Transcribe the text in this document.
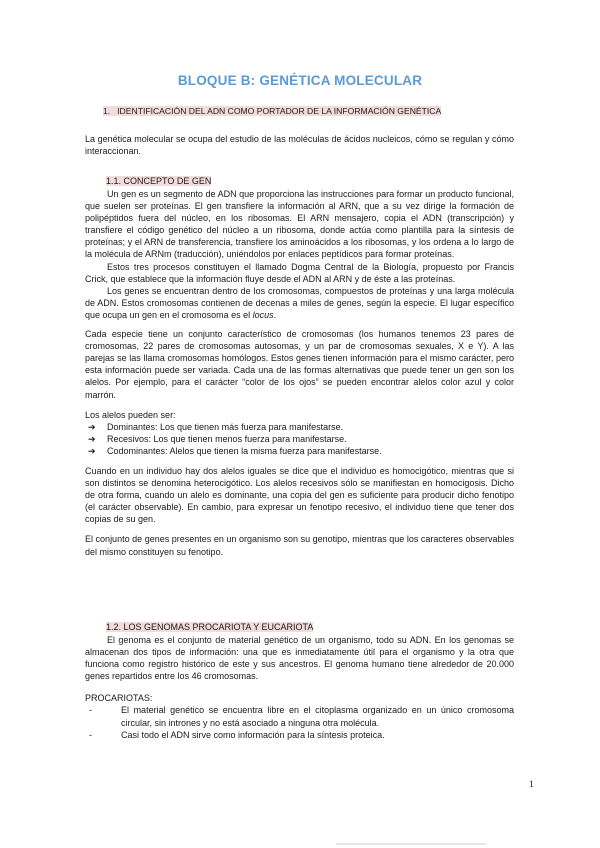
BLOQUE B: GENÉTICA MOLECULAR
1. IDENTIFICACIÓN DEL ADN COMO PORTADOR DE LA INFORMACIÓN GENÉTICA

La genética molecular se ocupa del estudio de las moléculas de ácidos nucleicos, cómo se regulan y cómo interaccionan.

1.1. CONCEPTO DE GEN

Un gen es un segmento de ADN que proporciona las instrucciones para formar un producto funcional, que suelen ser proteínas. El gen transfiere la información al ARN, que a su vez dirige la formación de polipéptidos fuera del núcleo, en los ribosomas. El ARN mensajero, copia el ADN (transcripción) y transfiere el código genético del núcleo a un ribosoma, donde actúa como plantilla para la síntesis de proteínas; y el ARN de transferencia, transfiere los aminoácidos a los ribosomas, y los ordena a lo largo de la molécula de ARNm (traducción), uniéndolos por enlaces peptídicos para formar proteínas.

Estos tres procesos constituyen el llamado Dogma Central de la Biología, propuesto por Francis Crick, que establece que la información fluye desde el ADN al ARN y de éste a las proteínas.

Los genes se encuentran dentro de los cromosomas, compuestos de proteínas y una larga molécula de ADN. Estos cromosomas contienen de decenas a miles de genes, según la especie. El lugar específico que ocupa un gen en el cromosoma es el locus.

Cada especie tiene un conjunto característico de cromosomas (los humanos tenemos 23 pares de cromosomas, 22 pares de cromosomas autosomas, y un par de cromosomas sexuales, X e Y). A las parejas se las llama cromosomas homólogos. Estos genes tienen información para el mismo carácter, pero esta información puede ser variada. Cada una de las formas alternativas que puede tener un gen son los alelos. Por ejemplo, para el carácter “color de los ojos” se pueden encontrar alelos color azul y color marrón.

Los alelos pueden ser:

➔ Dominantes: Los que tienen más fuerza para manifestarse.
➔ Recesivos: Los que tienen menos fuerza para manifestarse.
➔ Codominantes: Alelos que tienen la misma fuerza para manifestarse.

Cuando en un individuo hay dos alelos iguales se dice que el individuo es homocigótico, mientras que si son distintos se denomina heterocigótico. Los alelos recesivos sólo se manifiestan en homocigosis. Dicho de otra forma, cuando un alelo es dominante, una copia del gen es suficiente para producir dicho fenotipo (el carácter observable). En cambio, para expresar un fenotipo recesivo, el individuo tiene que tener dos copias de su gen.

El conjunto de genes presentes en un organismo son su genotipo, mientras que los caracteres observables del mismo constituyen su fenotipo.

1.2. LOS GENOMAS PROCARIOTA Y EUCARIOTA

El genoma es el conjunto de material genético de un organismo, todo su ADN. En los genomas se almacenan dos tipos de información: una que es inmediatamente útil para el organismo y la otra que funciona como registro histórico de este y sus ancestros. El genoma humano tiene alrededor de 20.000 genes repartidos entre los 46 cromosomas.

PROCARIOTAS:

-	El material genético se encuentra libre en el citoplasma organizado en un único cromosoma circular, sin intrones y no está asociado a ninguna otra molécula.
-	Casi todo el ADN sirve como información para la síntesis proteica.
1
